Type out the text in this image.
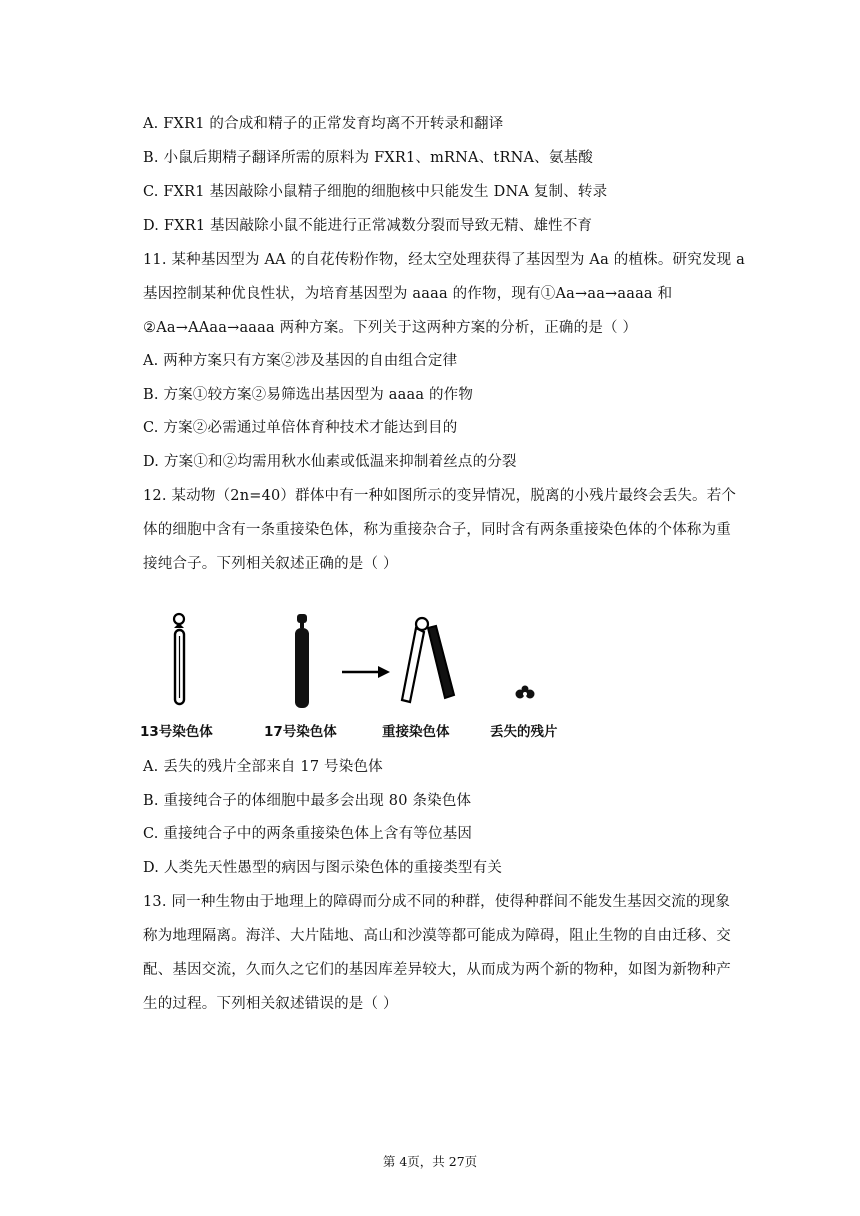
A. FXR1 的合成和精子的正常发育均离不开转录和翻译
B. 小鼠后期精子翻译所需的原料为 FXR1、mRNA、tRNA、氨基酸
C. FXR1 基因敲除小鼠精子细胞的细胞核中只能发生 DNA 复制、转录
D. FXR1 基因敲除小鼠不能进行正常减数分裂而导致无精、雄性不育
11. 某种基因型为 AA 的自花传粉作物，经太空处理获得了基因型为 Aa 的植株。研究发现 a
基因控制某种优良性状，为培育基因型为 aaaa 的作物，现有①Aa→aa→aaaa 和
②Aa→AAaa→aaaa 两种方案。下列关于这两种方案的分析，正确的是（ ）
A. 两种方案只有方案②涉及基因的自由组合定律
B. 方案①较方案②易筛选出基因型为 aaaa 的作物
C. 方案②必需通过单倍体育种技术才能达到目的
D. 方案①和②均需用秋水仙素或低温来抑制着丝点的分裂
12. 某动物（2n=40）群体中有一种如图所示的变异情况，脱离的小残片最终会丢失。若个
体的细胞中含有一条重接染色体，称为重接杂合子，同时含有两条重接染色体的个体称为重
接纯合子。下列相关叙述正确的是（ ）
13号染色体	17号染色体	重接染色体	丢失的残片
A. 丢失的残片全部来自 17 号染色体
B. 重接纯合子的体细胞中最多会出现 80 条染色体
C. 重接纯合子中的两条重接染色体上含有等位基因
D. 人类先天性愚型的病因与图示染色体的重接类型有关
13. 同一种生物由于地理上的障碍而分成不同的种群，使得种群间不能发生基因交流的现象
称为地理隔离。海洋、大片陆地、高山和沙漠等都可能成为障碍，阻止生物的自由迁移、交
配、基因交流，久而久之它们的基因库差异较大，从而成为两个新的物种，如图为新物种产
生的过程。下列相关叙述错误的是（ ）
第 4页，共 27页
